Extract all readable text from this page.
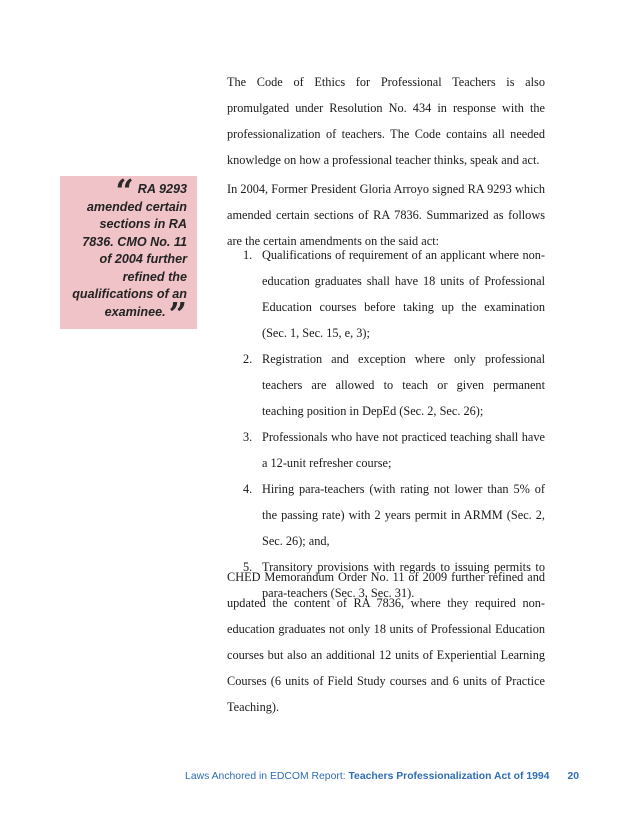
The Code of Ethics for Professional Teachers is also promulgated under Resolution No. 434 in response with the professionalization of teachers. The Code contains all needed knowledge on how a professional teacher thinks, speak and act.

“ RA 9293 amended certain sections in RA 7836. CMO No. 11 of 2004 further refined the qualifications of an examinee.”

In 2004, Former President Gloria Arroyo signed RA 9293 which amended certain sections of RA 7836. Summarized as follows are the certain amendments on the said act:

1. Qualifications of requirement of an applicant where non-education graduates shall have 18 units of Professional Education courses before taking up the examination (Sec. 1, Sec. 15, e, 3);
2. Registration and exception where only professional teachers are allowed to teach or given permanent teaching position in DepEd (Sec. 2, Sec. 26);
3. Professionals who have not practiced teaching shall have a 12-unit refresher course;
4. Hiring para-teachers (with rating not lower than 5% of the passing rate) with 2 years permit in ARMM (Sec. 2, Sec. 26); and,
5. Transitory provisions with regards to issuing permits to para-teachers (Sec. 3, Sec. 31).

CHED Memorandum Order No. 11 of 2009 further refined and updated the content of RA 7836, where they required non-education graduates not only 18 units of Professional Education courses but also an additional 12 units of Experiential Learning Courses (6 units of Field Study courses and 6 units of Practice Teaching).

Laws Anchored in EDCOM Report: Teachers Professionalization Act of 1994 20
